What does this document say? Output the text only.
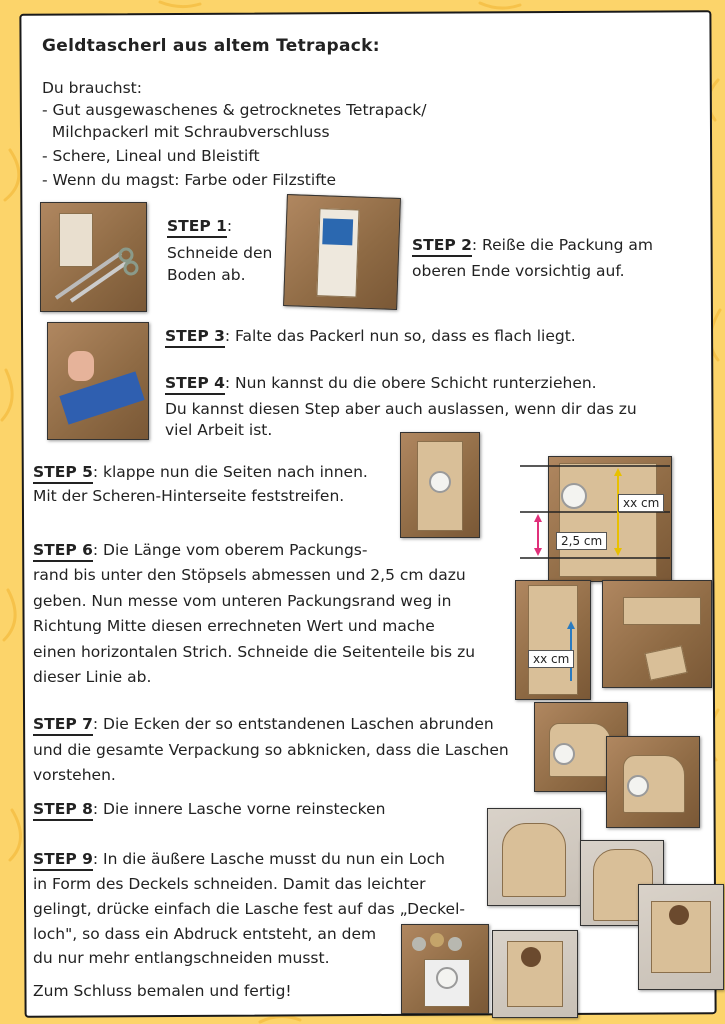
Geldtascherl aus altem Tetrapack:
Du brauchst:
- Gut ausgewaschenes & getrocknetes Tetrapack/
Milchpackerl mit Schraubverschluss
- Schere, Lineal und Bleistift
- Wenn du magst: Farbe oder Filzstifte
STEP 1:
Schneide den
Boden ab.
STEP 2: Reiße die Packung am
oberen Ende vorsichtig auf.
STEP 3: Falte das Packerl nun so, dass es flach liegt.
STEP 4: Nun kannst du die obere Schicht runterziehen.
Du kannst diesen Step aber auch auslassen, wenn dir das zu
viel Arbeit ist.
STEP 5: klappe nun die Seiten nach innen.
Mit der Scheren-Hinterseite feststreifen.	xx cm
2,5 cm
STEP 6: Die Länge vom oberem Packungs-
rand bis unter den Stöpsels abmessen und 2,5 cm dazu
geben. Nun messe vom unteren Packungsrand weg in
Richtung Mitte diesen errechneten Wert und mache
einen horizontalen Strich. Schneide die Seitenteile bis zu
dieser Linie ab.
xx cm
STEP 7: Die Ecken der so entstandenen Laschen abrunden
und die gesamte Verpackung so abknicken, dass die Laschen
vorstehen.
STEP 8: Die innere Lasche vorne reinstecken
STEP 9: In die äußere Lasche musst du nun ein Loch
in Form des Deckels schneiden. Damit das leichter
gelingt, drücke einfach die Lasche fest auf das „Deckel-
loch", so dass ein Abdruck entsteht, an dem
du nur mehr entlangschneiden musst.
Zum Schluss bemalen und fertig!
